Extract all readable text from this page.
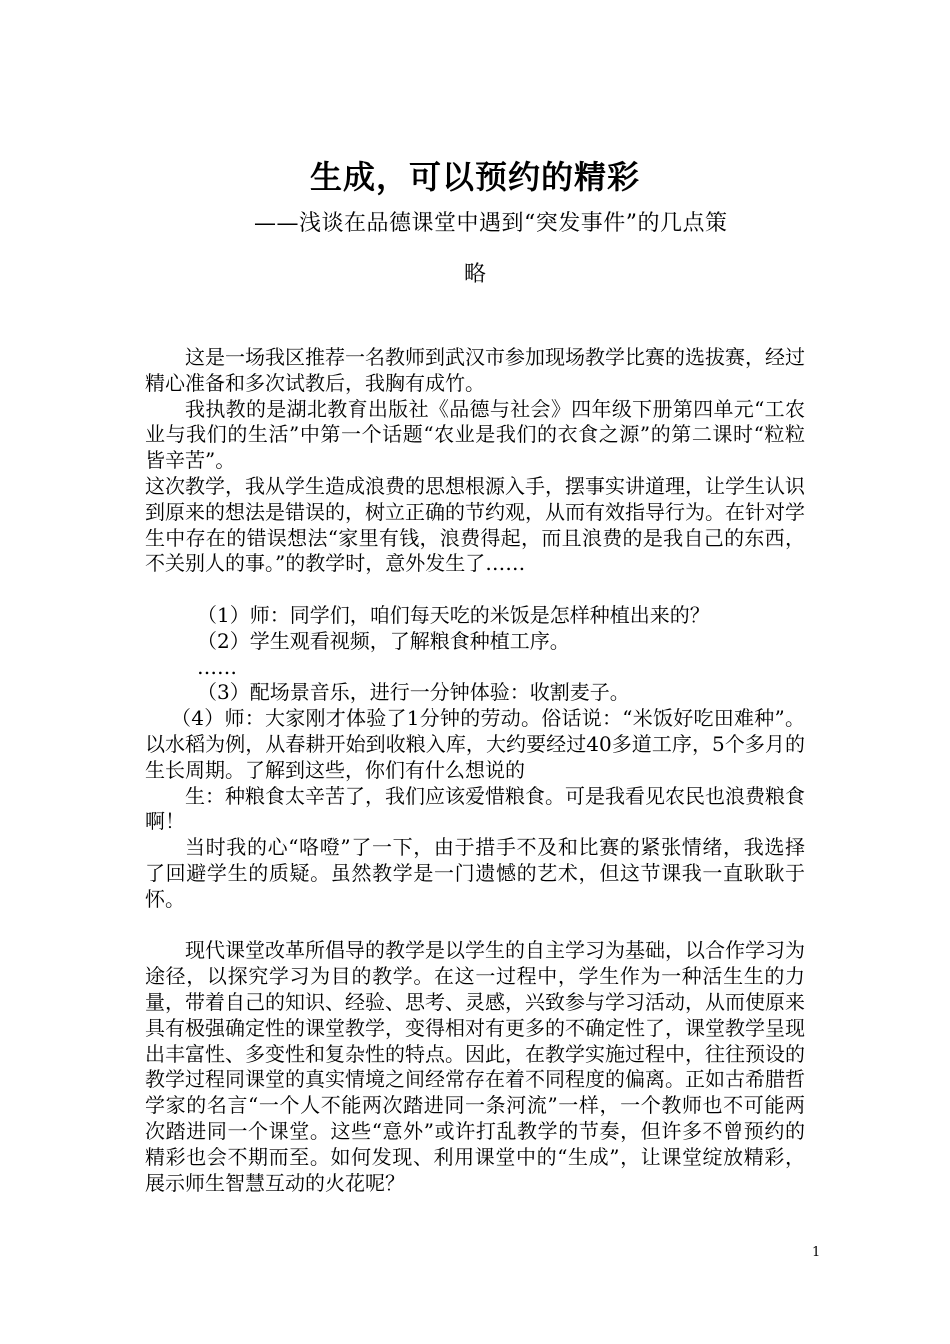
生成，可以预约的精彩
——浅谈在品德课堂中遇到“突发事件”的几点策
略

这是一场我区推荐一名教师到武汉市参加现场教学比赛的选拔赛，经过精心准备和多次试教后，我胸有成竹。

我执教的是湖北教育出版社《品德与社会》四年级下册第四单元“工农业与我们的生活”中第一个话题“农业是我们的衣食之源”的第二课时“粒粒皆辛苦”。

这次教学，我从学生造成浪费的思想根源入手，摆事实讲道理，让学生认识到原来的想法是错误的，树立正确的节约观，从而有效指导行为。在针对学生中存在的错误想法“家里有钱，浪费得起，而且浪费的是我自己的东西，不关别人的事。”的教学时，意外发生了……

（1）师：同学们，咱们每天吃的米饭是怎样种植出来的？

（2）学生观看视频，了解粮食种植工序。

……

（3）配场景音乐，进行一分钟体验：收割麦子。

（4）师：大家刚才体验了1分钟的劳动。俗话说：“米饭好吃田难种”。以水稻为例，从春耕开始到收粮入库，大约要经过40多道工序，5个多月的生长周期。了解到这些，你们有什么想说的

生：种粮食太辛苦了，我们应该爱惜粮食。可是我看见农民也浪费粮食啊！

当时我的心“咯噔”了一下，由于措手不及和比赛的紧张情绪，我选择了回避学生的质疑。虽然教学是一门遗憾的艺术，但这节课我一直耿耿于怀。

现代课堂改革所倡导的教学是以学生的自主学习为基础，以合作学习为途径，以探究学习为目的教学。在这一过程中，学生作为一种活生生的力量，带着自己的知识、经验、思考、灵感，兴致参与学习活动，从而使原来具有极强确定性的课堂教学，变得相对有更多的不确定性了，课堂教学呈现出丰富性、多变性和复杂性的特点。因此，在教学实施过程中，往往预设的教学过程同课堂的真实情境之间经常存在着不同程度的偏离。正如古希腊哲学家的名言“一个人不能两次踏进同一条河流”一样，一个教师也不可能两次踏进同一个课堂。这些“意外”或许打乱教学的节奏，但许多不曾预约的精彩也会不期而至。如何发现、利用课堂中的“生成”，让课堂绽放精彩，展示师生智慧互动的火花呢？

1
